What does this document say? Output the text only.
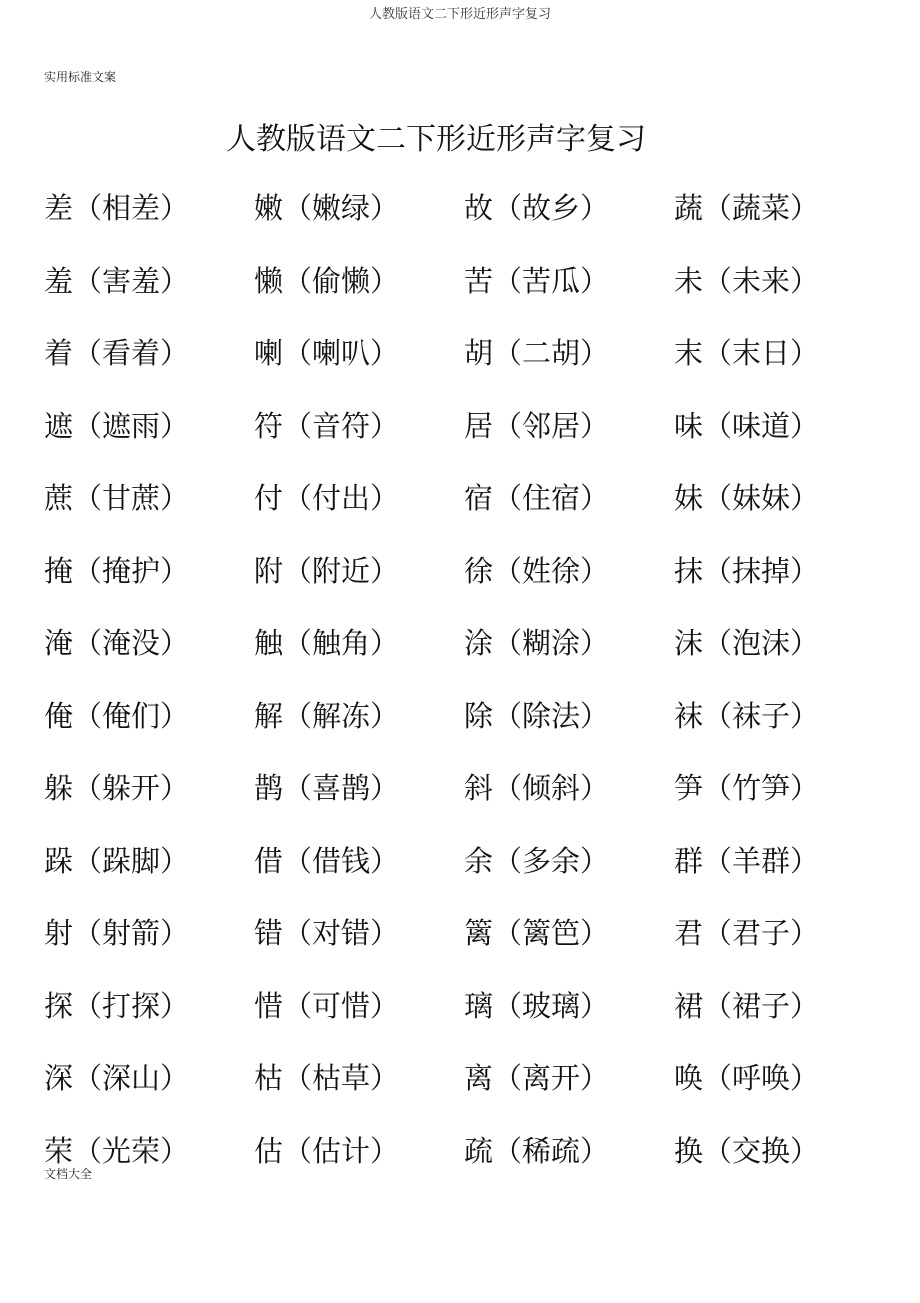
人教版语文二下形近形声字复习
实用标准文案
人教版语文二下形近形声字复习
差（相差）	嫩（嫩绿）	故（故乡）	蔬（蔬菜）
羞（害羞）	懒（偷懒）	苦（苦瓜）	未（未来）
着（看着）	喇（喇叭）	胡（二胡）	末（末日）
遮（遮雨）	符（音符）	居（邻居）	味（味道）
蔗（甘蔗）	付（付出）	宿（住宿）	妹（妹妹）
掩（掩护）	附（附近）	徐（姓徐）	抹（抹掉）
淹（淹没）	触（触角）	涂（糊涂）	沫（泡沫）
俺（俺们）	解（解冻）	除（除法）	袜（袜子）
躲（躲开）	鹊（喜鹊）	斜（倾斜）	笋（竹笋）
跺（跺脚）	借（借钱）	余（多余）	群（羊群）
射（射箭）	错（对错）	篱（篱笆）	君（君子）
探（打探）	惜（可惜）	璃（玻璃）	裙（裙子）
深（深山）	枯（枯草）	离（离开）	唤（呼唤）
荣（光荣）	估（估计）	疏（稀疏）	换（交换）
文档大全
